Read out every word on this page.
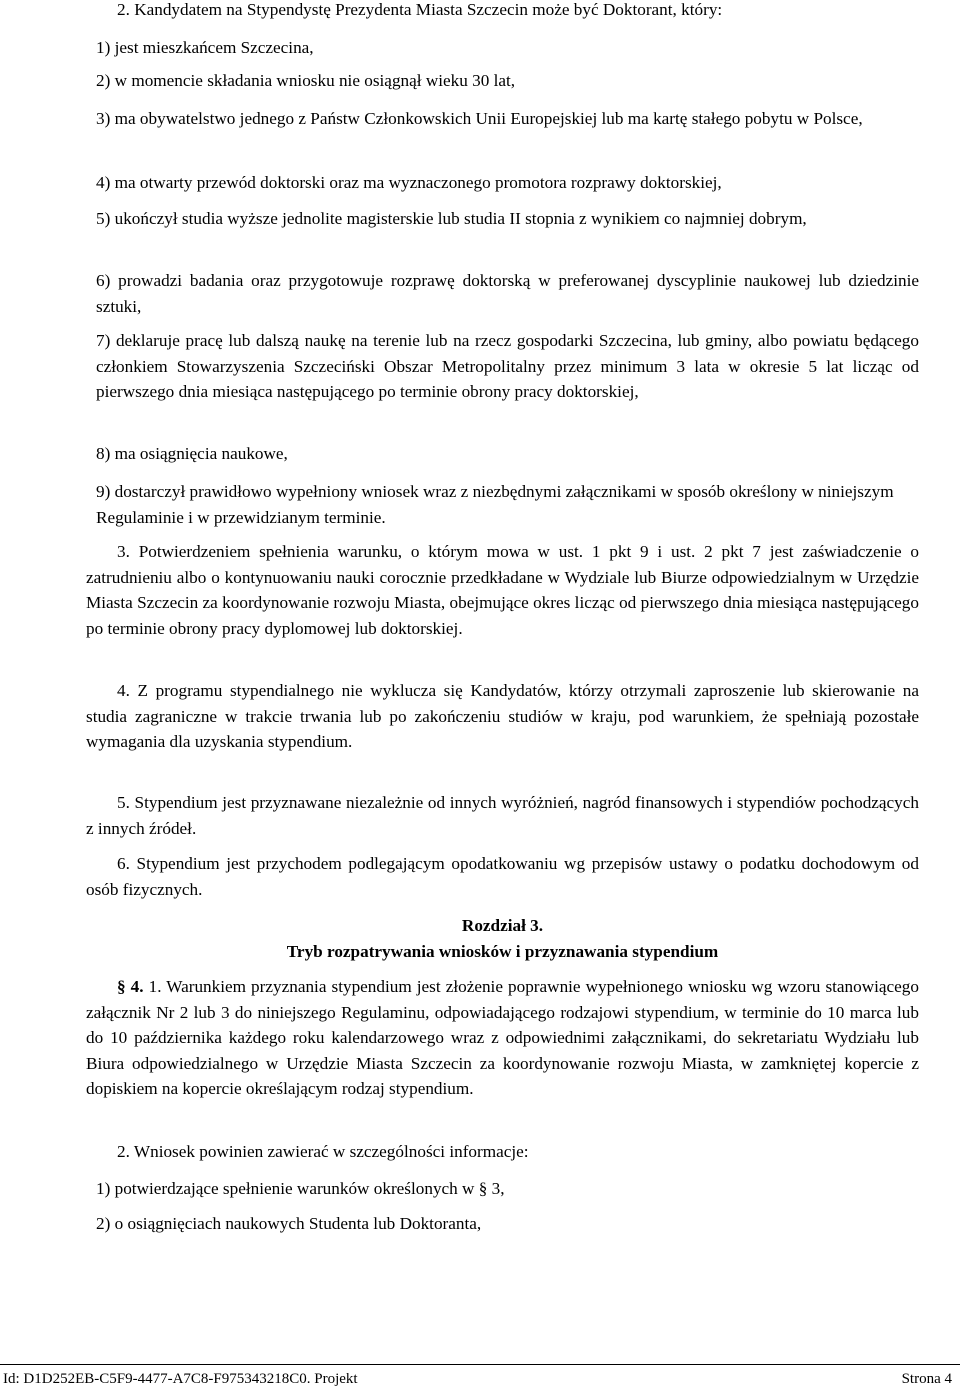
2. Kandydatem na Stypendystę Prezydenta Miasta Szczecin może być Doktorant, który:

1) jest mieszkańcem Szczecina,

2) w momencie składania wniosku nie osiągnął wieku 30 lat,

3) ma obywatelstwo jednego z Państw Członkowskich Unii Europejskiej lub ma kartę stałego pobytu w Polsce,

4) ma otwarty przewód doktorski oraz ma wyznaczonego promotora rozprawy doktorskiej,

5) ukończył studia wyższe jednolite magisterskie lub studia II stopnia z wynikiem co najmniej dobrym,

6) prowadzi badania oraz przygotowuje rozprawę doktorską w preferowanej dyscyplinie naukowej lub dziedzinie sztuki,

7) deklaruje pracę lub dalszą naukę na terenie lub na rzecz gospodarki Szczecina, lub gminy, albo powiatu będącego członkiem Stowarzyszenia Szczeciński Obszar Metropolitalny przez minimum 3 lata w okresie 5 lat licząc od pierwszego dnia miesiąca następującego po terminie obrony pracy doktorskiej,

8) ma osiągnięcia naukowe,

9) dostarczył prawidłowo wypełniony wniosek wraz z niezbędnymi załącznikami w sposób określony w niniejszym Regulaminie i w przewidzianym terminie.

3. Potwierdzeniem spełnienia warunku, o którym mowa w ust. 1 pkt 9 i ust. 2 pkt 7 jest zaświadczenie o zatrudnieniu albo o kontynuowaniu nauki corocznie przedkładane w Wydziale lub Biurze odpowiedzialnym w Urzędzie Miasta Szczecin za koordynowanie rozwoju Miasta, obejmujące okres licząc od pierwszego dnia miesiąca następującego po terminie obrony pracy dyplomowej lub doktorskiej.

4. Z programu stypendialnego nie wyklucza się Kandydatów, którzy otrzymali zaproszenie lub skierowanie na studia zagraniczne w trakcie trwania lub po zakończeniu studiów w kraju, pod warunkiem, że spełniają pozostałe wymagania dla uzyskania stypendium.

5. Stypendium jest przyznawane niezależnie od innych wyróżnień, nagród finansowych i stypendiów pochodzących z innych źródeł.

6. Stypendium jest przychodem podlegającym opodatkowaniu wg przepisów ustawy o podatku dochodowym od osób fizycznych.

Rozdział 3.

Tryb rozpatrywania wniosków i przyznawania stypendium

§ 4. 1. Warunkiem przyznania stypendium jest złożenie poprawnie wypełnionego wniosku wg wzoru stanowiącego załącznik Nr 2 lub 3 do niniejszego Regulaminu, odpowiadającego rodzajowi stypendium, w terminie do 10 marca lub do 10 października każdego roku kalendarzowego wraz z odpowiednimi załącznikami, do sekretariatu Wydziału lub Biura odpowiedzialnego w Urzędzie Miasta Szczecin za koordynowanie rozwoju Miasta, w zamkniętej kopercie z dopiskiem na kopercie określającym rodzaj stypendium.

2. Wniosek powinien zawierać w szczególności informacje:

1) potwierdzające spełnienie warunków określonych w § 3,

2) o osiągnięciach naukowych Studenta lub Doktoranta,

Id: D1D252EB-C5F9-4477-A7C8-F975343218C0. Projekt	Strona 4
